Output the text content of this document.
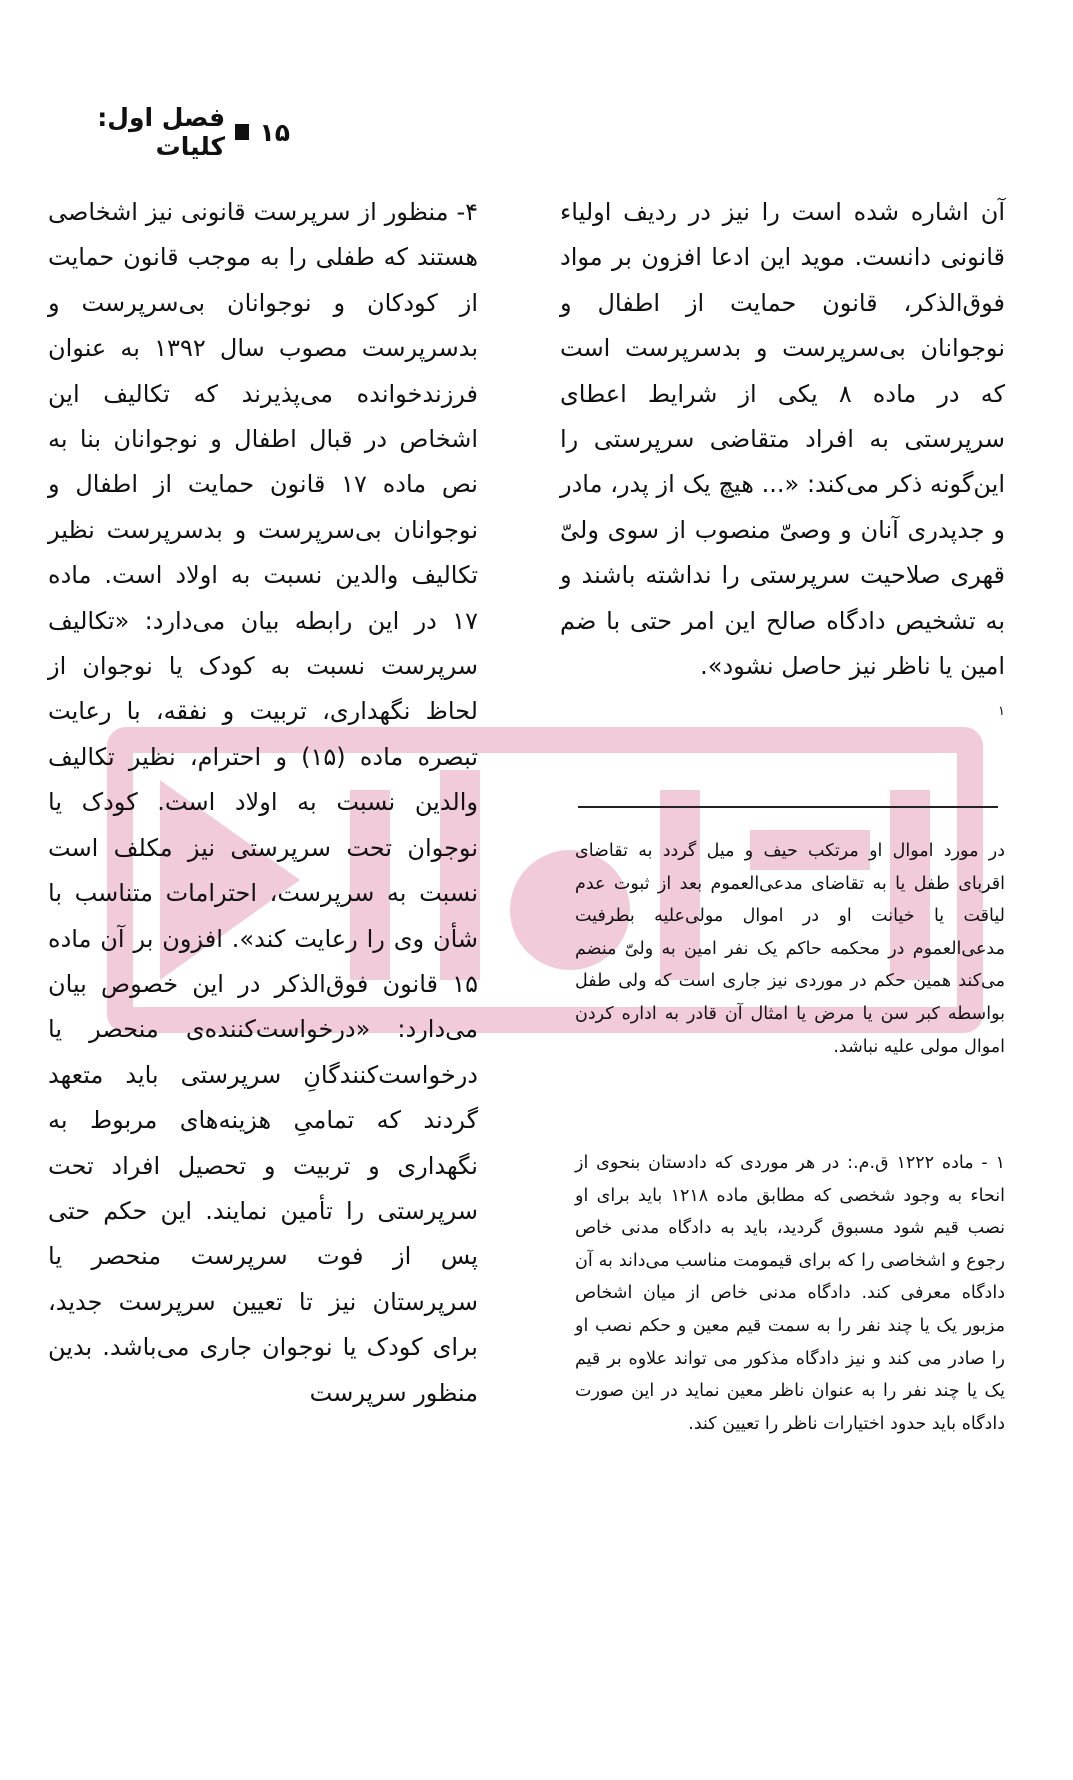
۱۵
فصل اول: کلیات

آن اشاره شده است را نیز در ردیف اولیاء قانونی دانست. موید این ادعا افزون بر مواد فوق‌الذکر، قانون حمایت از اطفال و نوجوانان بی‌سرپرست و بدسرپرست است که در ماده ۸ یکی از شرایط اعطای سرپرستی به افراد متقاضی سرپرستی را این‌گونه ذکر می‌کند: «... هیچ یک از پدر، مادر و جدپدری آنان و وصیّ منصوب از سوی ولیّ قهری صلاحیت سرپرستی را نداشته باشند و به تشخیص دادگاه صالح این امر حتی با ضم امین یا ناظر نیز حاصل نشود».

$^۱$

۴- منظور از سرپرست قانونی نیز اشخاصی هستند که طفلی را به موجب قانون حمایت از کودکان و نوجوانان بی‌سرپرست و بدسرپرست مصوب سال ۱۳۹۲ به عنوان فرزندخوانده می‌پذیرند که تکالیف این اشخاص در قبال اطفال و نوجوانان بنا به نص ماده ۱۷ قانون حمایت از اطفال و نوجوانان بی‌سرپرست و بدسرپرست نظیر تکالیف والدین نسبت به اولاد است. ماده ۱۷ در این رابطه بیان می‌دارد: «تکالیف سرپرست نسبت به کودک یا نوجوان از لحاظ نگهداری، تربیت و نفقه، با رعایت تبصره ماده (۱۵) و احترام، نظیر تکالیف والدین نسبت به اولاد است. کودک یا نوجوان تحت سرپرستی نیز مکلف است نسبت به سرپرست، احترامات متناسب با شأن وی را رعایت کند». افزون بر آن ماده ۱۵ قانون فوق‌الذکر در این خصوص بیان می‌دارد: «درخواست‌کننده‌ی منحصر یا درخواست‌کنندگانِ سرپرستی باید متعهد گردند که تمامیِ هزینه‌های مربوط به نگهداری و تربیت و تحصیل افراد تحت سرپرستی را تأمین نمایند. این حکم حتی پس از فوت سرپرست منحصر یا سرپرستان نیز تا تعیین سرپرست جدید، برای کودک یا نوجوان جاری می‌باشد. بدین منظور سرپرست

در مورد اموال او مرتکب حیف و میل گردد به تقاضای اقربای طفل یا به تقاضای مدعی‌العموم بعد از ثبوت عدم لیاقت یا خیانت او در اموال مولی‌علیه بطرفیت مدعی‌العموم در محکمه حاکم یک نفر امین به ولیّ منضم می‌کند همین حکم در موردی نیز جاری است که ولی طفل بواسطه کبر سن یا مرض یا امثال آن قادر به اداره کردن اموال مولی علیه نباشد.
۱ - ماده ۱۲۲۲ ق.م.: در هر موردی که دادستان بنحوی از انحاء به وجود شخصی که مطابق ماده ۱۲۱۸ باید برای او نصب قیم شود مسبوق گردید، باید به دادگاه مدنی خاص رجوع و اشخاصی را که برای قیمومت مناسب می‌داند به آن دادگاه معرفی کند. دادگاه مدنی خاص از میان اشخاص مزبور یک یا چند نفر را به سمت قیم معین و حکم نصب او را صادر می کند و نیز دادگاه مذکور می تواند علاوه بر قیم یک یا چند نفر را به عنوان ناظر معین نماید در این صورت دادگاه باید حدود اختیارات ناظر را تعیین کند.
